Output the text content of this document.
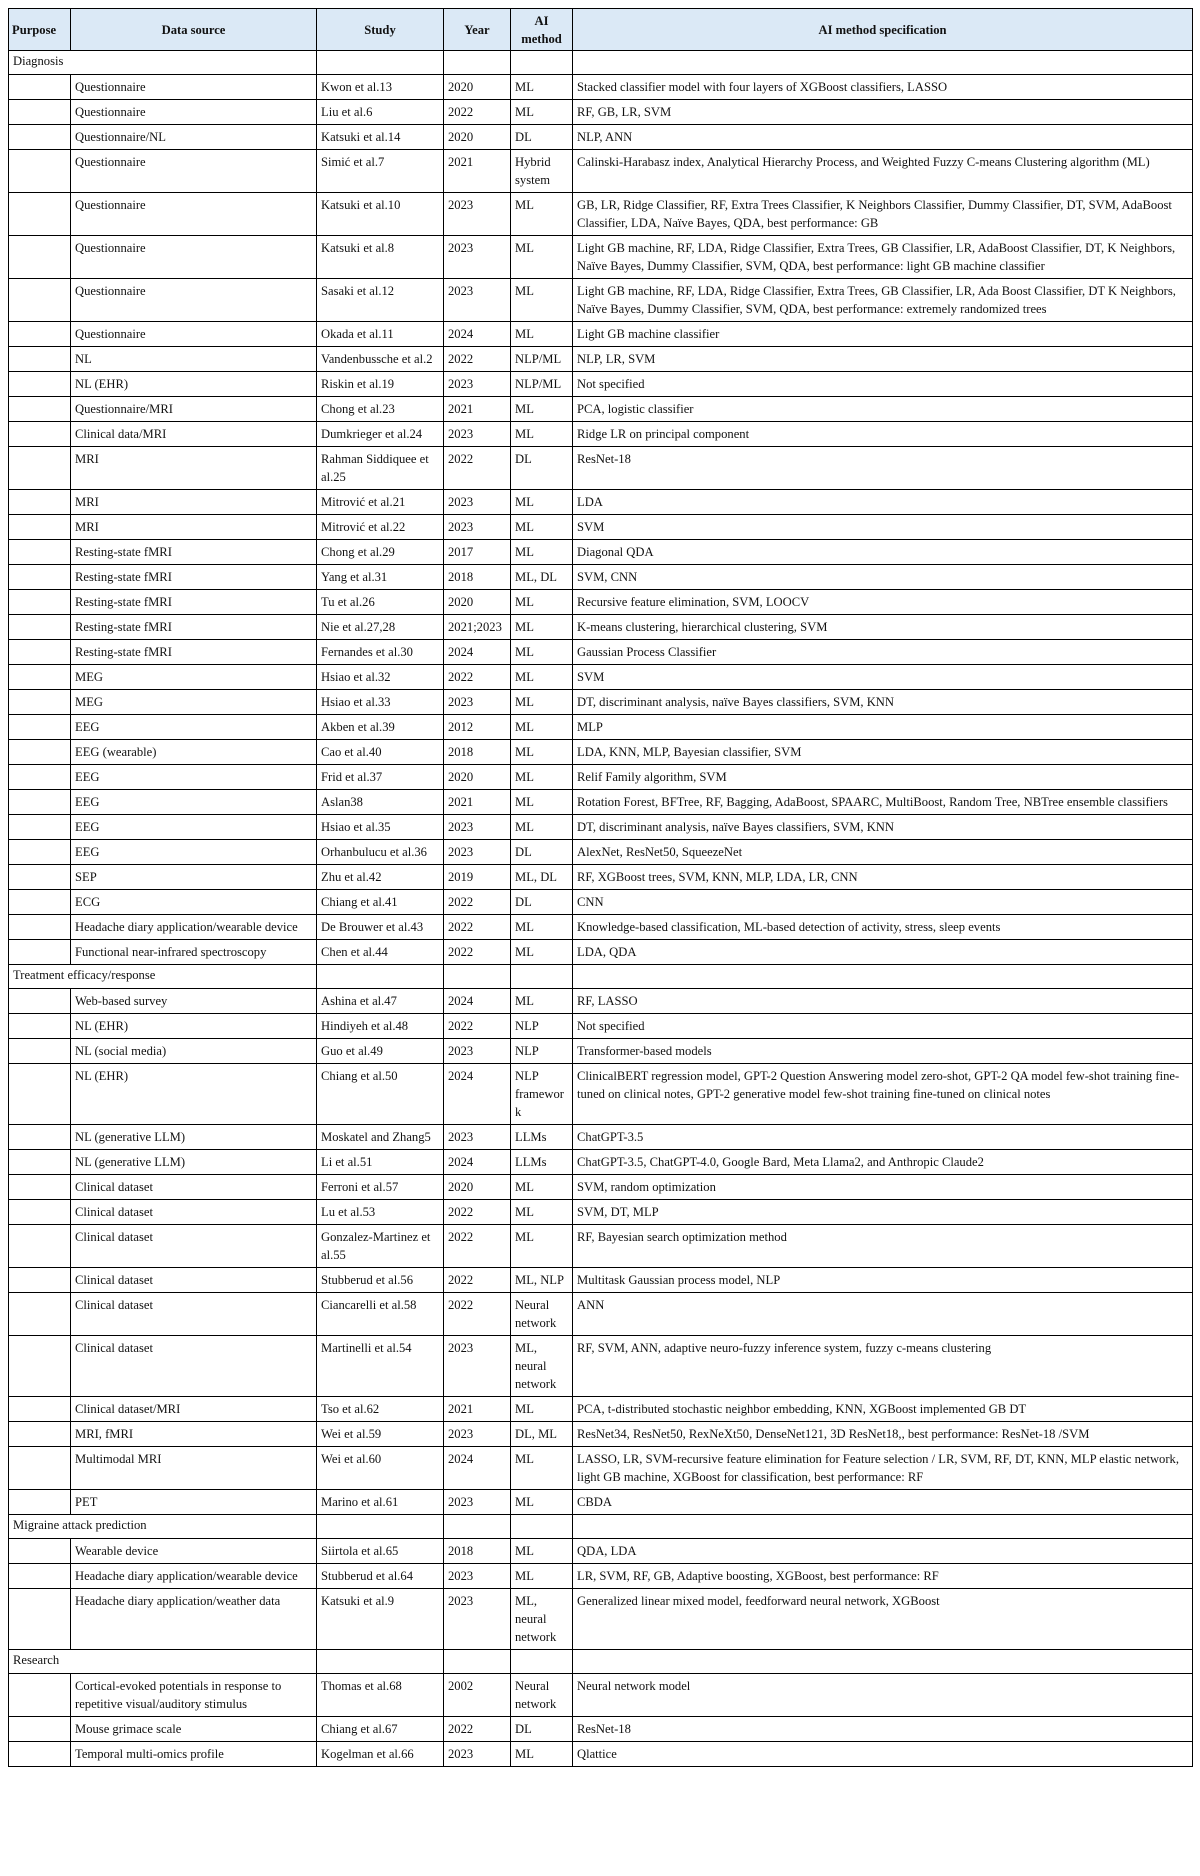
Purpose	Data source	Study	Year	AI method	AI method specification
Diagnosis					
	Questionnaire	Kwon et al.13	2020	ML	Stacked classifier model with four layers of XGBoost classifiers, LASSO
	Questionnaire	Liu et al.6	2022	ML	RF, GB, LR, SVM
	Questionnaire/NL	Katsuki et al.14	2020	DL	NLP, ANN
	Questionnaire	Simić et al.7	2021	Hybrid system	Calinski-Harabasz index, Analytical Hierarchy Process, and Weighted Fuzzy C-means Clustering algorithm (ML)
	Questionnaire	Katsuki et al.10	2023	ML	GB, LR, Ridge Classifier, RF, Extra Trees Classifier, K Neighbors Classifier, Dummy Classifier, DT, SVM, AdaBoost Classifier, LDA, Naïve Bayes, QDA, best performance: GB
	Questionnaire	Katsuki et al.8	2023	ML	Light GB machine, RF, LDA, Ridge Classifier, Extra Trees, GB Classifier, LR, AdaBoost Classifier, DT, K Neighbors, Naïve Bayes, Dummy Classifier, SVM, QDA, best performance: light GB machine classifier
	Questionnaire	Sasaki et al.12	2023	ML	Light GB machine, RF, LDA, Ridge Classifier, Extra Trees, GB Classifier, LR, Ada Boost Classifier, DT K Neighbors, Naïve Bayes, Dummy Classifier, SVM, QDA, best performance: extremely randomized trees
	Questionnaire	Okada et al.11	2024	ML	Light GB machine classifier
	NL	Vandenbussche et al.2	2022	NLP/ML	NLP, LR, SVM
	NL (EHR)	Riskin et al.19	2023	NLP/ML	Not specified
	Questionnaire/MRI	Chong et al.23	2021	ML	PCA, logistic classifier
	Clinical data/MRI	Dumkrieger et al.24	2023	ML	Ridge LR on principal component
	MRI	Rahman Siddiquee et al.25	2022	DL	ResNet-18
	MRI	Mitrović et al.21	2023	ML	LDA
	MRI	Mitrović et al.22	2023	ML	SVM
	Resting-state fMRI	Chong et al.29	2017	ML	Diagonal QDA
	Resting-state fMRI	Yang et al.31	2018	ML, DL	SVM, CNN
	Resting-state fMRI	Tu et al.26	2020	ML	Recursive feature elimination, SVM, LOOCV
	Resting-state fMRI	Nie et al.27,28	2021;2023	ML	K-means clustering, hierarchical clustering, SVM
	Resting-state fMRI	Fernandes et al.30	2024	ML	Gaussian Process Classifier
	MEG	Hsiao et al.32	2022	ML	SVM
	MEG	Hsiao et al.33	2023	ML	DT, discriminant analysis, naïve Bayes classifiers, SVM, KNN
	EEG	Akben et al.39	2012	ML	MLP
	EEG (wearable)	Cao et al.40	2018	ML	LDA, KNN, MLP, Bayesian classifier, SVM
	EEG	Frid et al.37	2020	ML	Relif Family algorithm, SVM
	EEG	Aslan38	2021	ML	Rotation Forest, BFTree, RF, Bagging, AdaBoost, SPAARC, MultiBoost, Random Tree, NBTree ensemble classifiers
	EEG	Hsiao et al.35	2023	ML	DT, discriminant analysis, naïve Bayes classifiers, SVM, KNN
	EEG	Orhanbulucu et al.36	2023	DL	AlexNet, ResNet50, SqueezeNet
	SEP	Zhu et al.42	2019	ML, DL	RF, XGBoost trees, SVM, KNN, MLP, LDA, LR, CNN
	ECG	Chiang et al.41	2022	DL	CNN
	Headache diary application/wearable device	De Brouwer et al.43	2022	ML	Knowledge-based classification, ML-based detection of activity, stress, sleep events
	Functional near-infrared spectroscopy	Chen et al.44	2022	ML	LDA, QDA
Treatment efficacy/response					
	Web-based survey	Ashina et al.47	2024	ML	RF, LASSO
	NL (EHR)	Hindiyeh et al.48	2022	NLP	Not specified
	NL (social media)	Guo et al.49	2023	NLP	Transformer-based models
	NL (EHR)	Chiang et al.50	2024	NLP framework	ClinicalBERT regression model, GPT-2 Question Answering model zero-shot, GPT-2 QA model few-shot training fine-tuned on clinical notes, GPT-2 generative model few-shot training fine-tuned on clinical notes
	NL (generative LLM)	Moskatel and Zhang5	2023	LLMs	ChatGPT-3.5
	NL (generative LLM)	Li et al.51	2024	LLMs	ChatGPT-3.5, ChatGPT-4.0, Google Bard, Meta Llama2, and Anthropic Claude2
	Clinical dataset	Ferroni et al.57	2020	ML	SVM, random optimization
	Clinical dataset	Lu et al.53	2022	ML	SVM, DT, MLP
	Clinical dataset	Gonzalez-Martinez et al.55	2022	ML	RF, Bayesian search optimization method
	Clinical dataset	Stubberud et al.56	2022	ML, NLP	Multitask Gaussian process model, NLP
	Clinical dataset	Ciancarelli et al.58	2022	Neural network	ANN
	Clinical dataset	Martinelli et al.54	2023	ML, neural network	RF, SVM, ANN, adaptive neuro-fuzzy inference system, fuzzy c-means clustering
	Clinical dataset/MRI	Tso et al.62	2021	ML	PCA, t-distributed stochastic neighbor embedding, KNN, XGBoost implemented GB DT
	MRI, fMRI	Wei et al.59	2023	DL, ML	ResNet34, ResNet50, RexNeXt50, DenseNet121, 3D ResNet18,, best performance: ResNet-18 /SVM
	Multimodal MRI	Wei et al.60	2024	ML	LASSO, LR, SVM-recursive feature elimination for Feature selection / LR, SVM, RF, DT, KNN, MLP elastic network, light GB machine, XGBoost for classification, best performance: RF
	PET	Marino et al.61	2023	ML	CBDA
Migraine attack prediction					
	Wearable device	Siirtola et al.65	2018	ML	QDA, LDA
	Headache diary application/wearable device	Stubberud et al.64	2023	ML	LR, SVM, RF, GB, Adaptive boosting, XGBoost, best performance: RF
	Headache diary application/weather data	Katsuki et al.9	2023	ML, neural network	Generalized linear mixed model, feedforward neural network, XGBoost
Research					
	Cortical-evoked potentials in response to repetitive visual/auditory stimulus	Thomas et al.68	2002	Neural network	Neural network model
	Mouse grimace scale	Chiang et al.67	2022	DL	ResNet-18
	Temporal multi-omics profile	Kogelman et al.66	2023	ML	Qlattice
